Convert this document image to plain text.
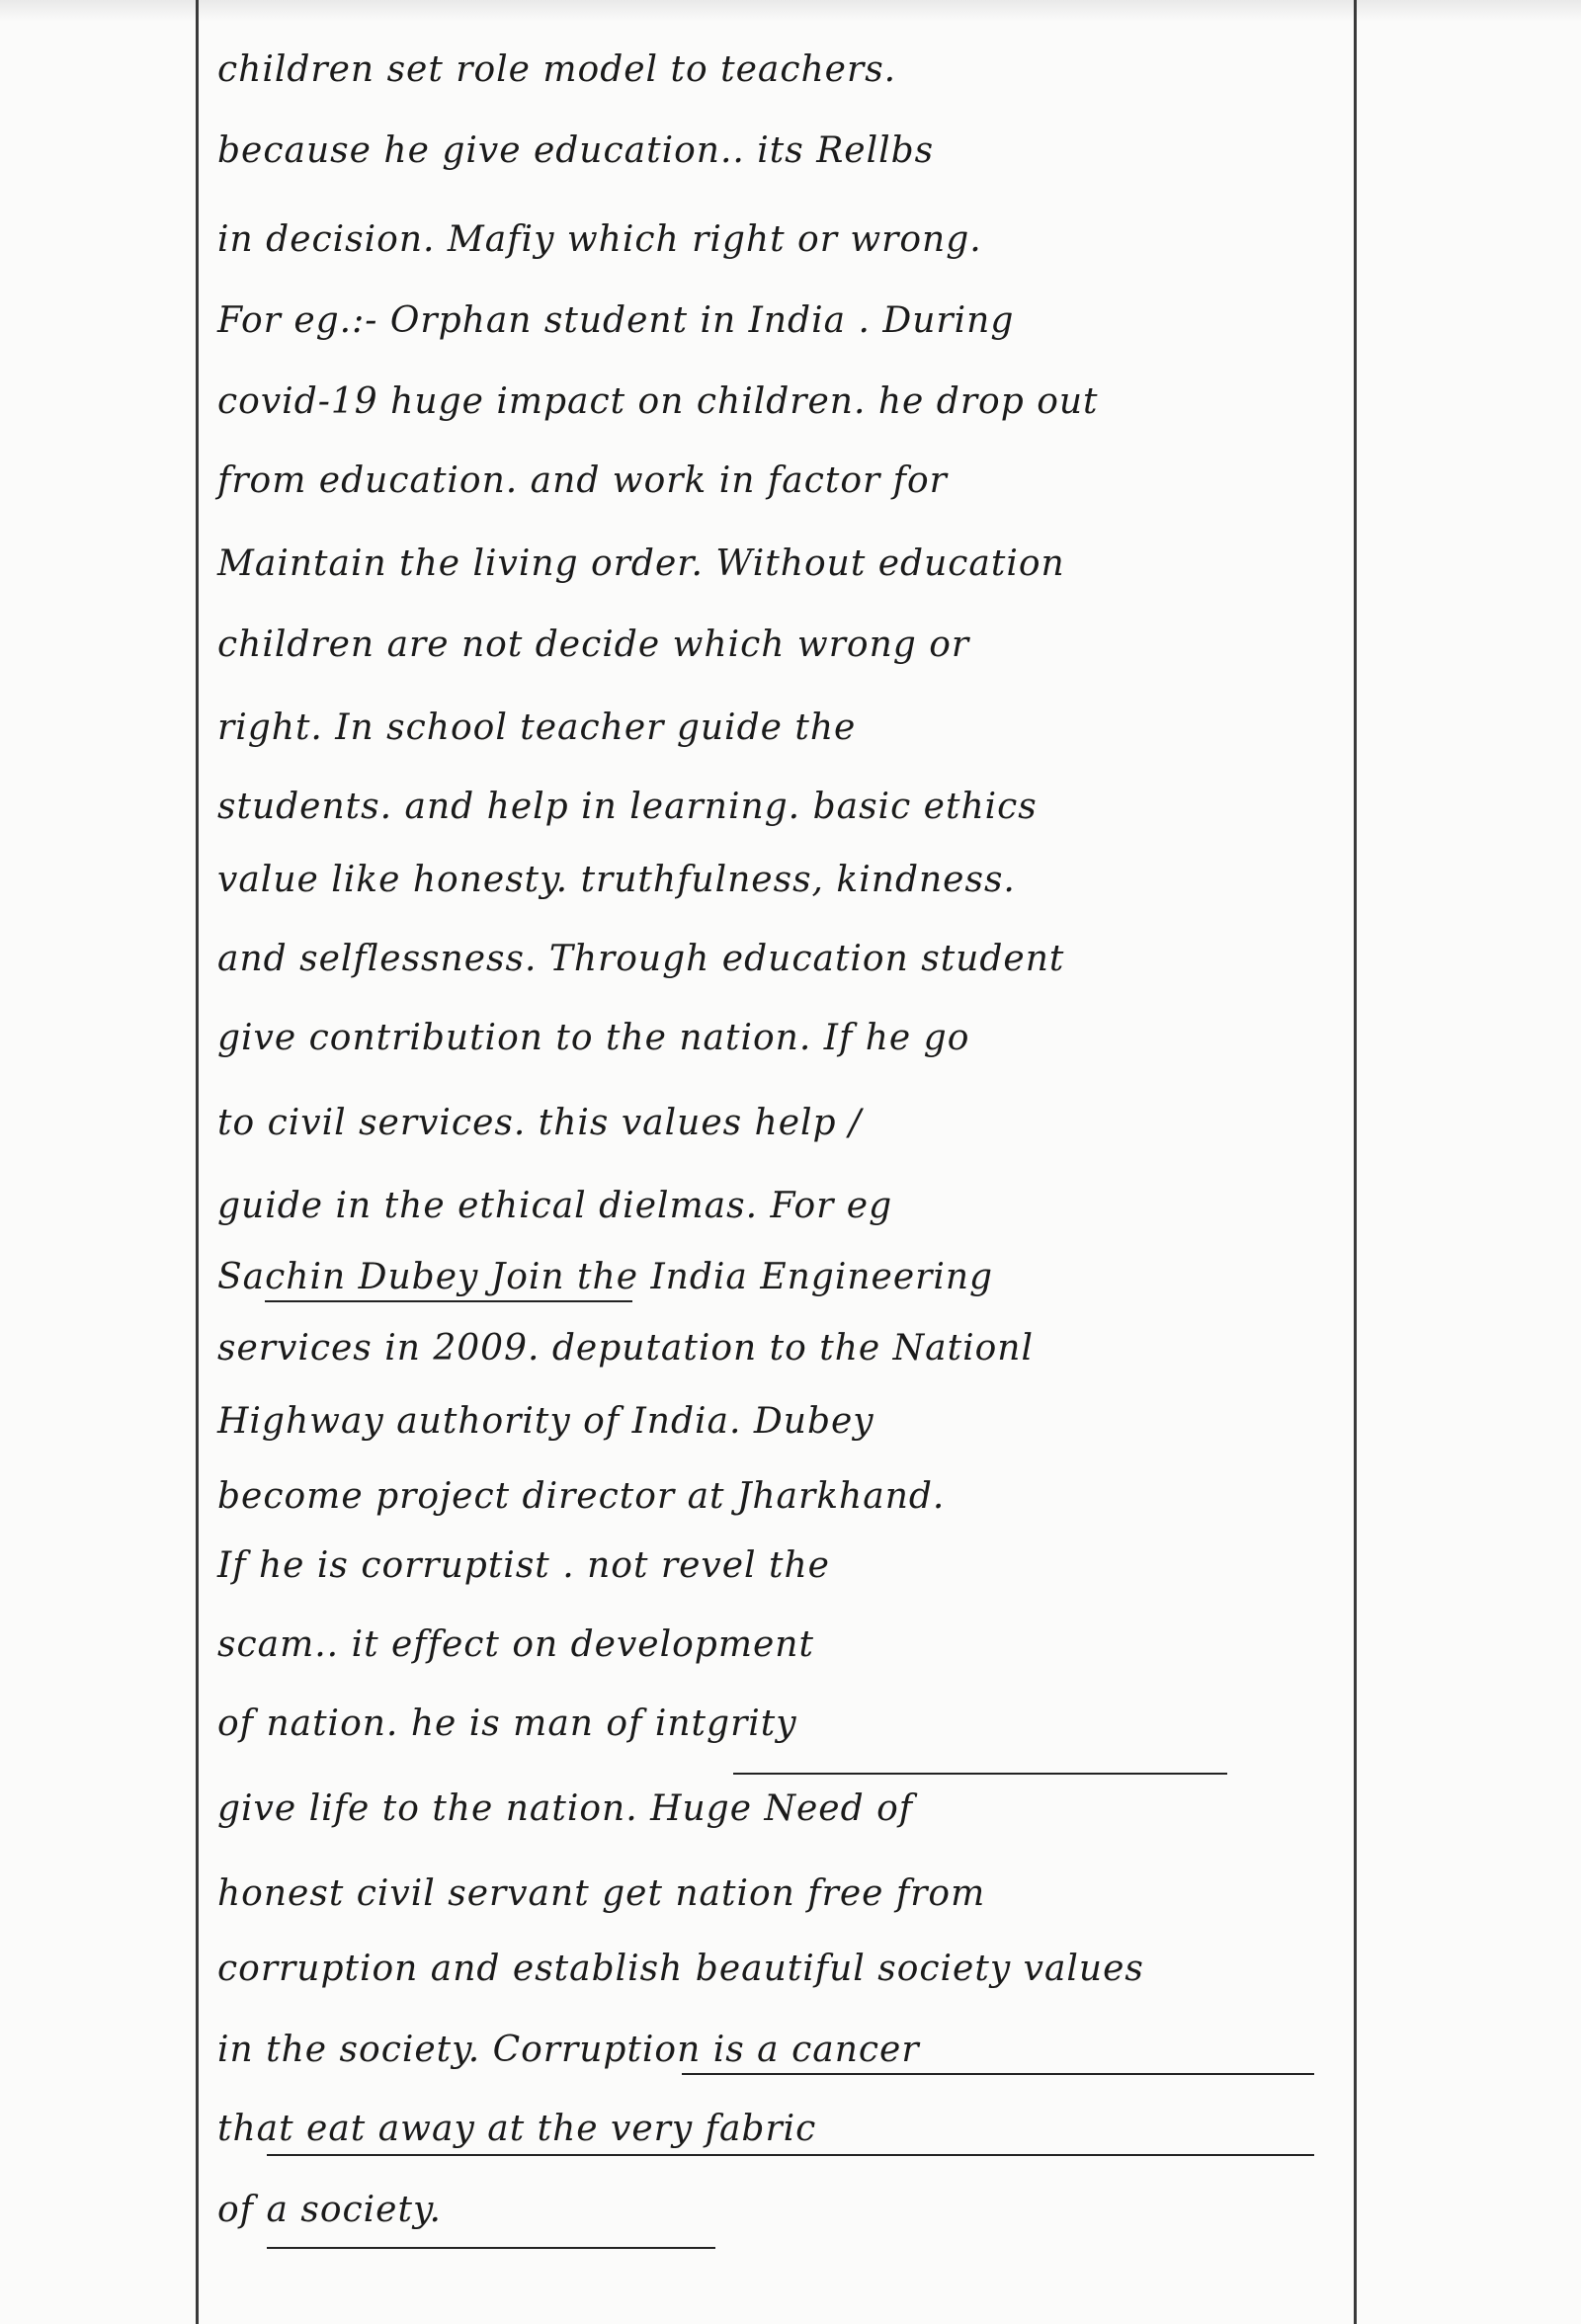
children set role model to teachers.
because he give education.. its Rellbs
in decision. Mafiy which right or wrong.
For eg.:- Orphan student in India . During
covid-19 huge impact on children. he drop out
from education. and work in factor for
Maintain the living order. Without education
children are not decide which wrong or
right. In school teacher guide the
students. and help in learning. basic ethics
value like honesty. truthfulness, kindness.
and selflessness. Through education student
give contribution to the nation. If he go
to civil services. this values help /
guide in the ethical dielmas. For eg
Sachin Dubey Join the India Engineering
services in 2009. deputation to the Nationl
Highway authority of India. Dubey
become project director at Jharkhand.
If he is corruptist . not revel the
scam.. it effect on development
of nation. he is man of intgrity
give life to the nation. Huge Need of
honest civil servant get nation free from
corruption and establish beautiful society values
in the society. Corruption is a cancer
that eat away at the very fabric
of a society.
